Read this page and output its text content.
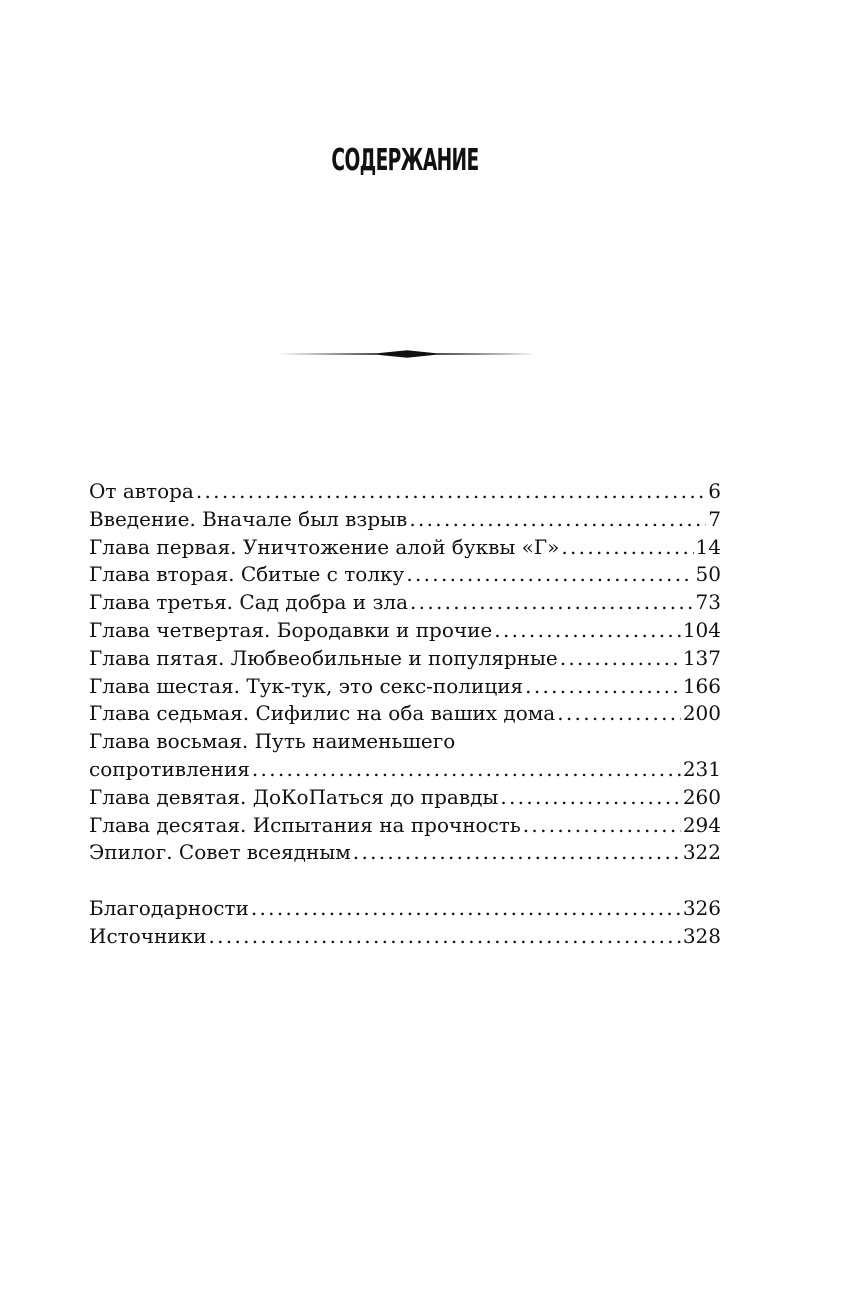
СОДЕРЖАНИЕ
От автора .....	6
Введение. Вначале был взрыв .....	7
Глава первая. Уничтожение алой буквы «Г» .....	14
Глава вторая. Сбитые с толку .....	50
Глава третья. Сад добра и зла .....	73
Глава четвертая. Бородавки и прочие .....	104
Глава пятая. Любвеобильные и популярные .....	137
Глава шестая. Тук-тук, это секс-полиция .....	166
Глава седьмая. Сифилис на оба ваших дома .....	200
Глава восьмая. Путь наименьшего
сопротивления .....	231
Глава девятая. ДоКоПаться до правды .....	260
Глава десятая. Испытания на прочность .....	294
Эпилог. Совет всеядным .....	322
Благодарности .....	326
Источники .....	328
